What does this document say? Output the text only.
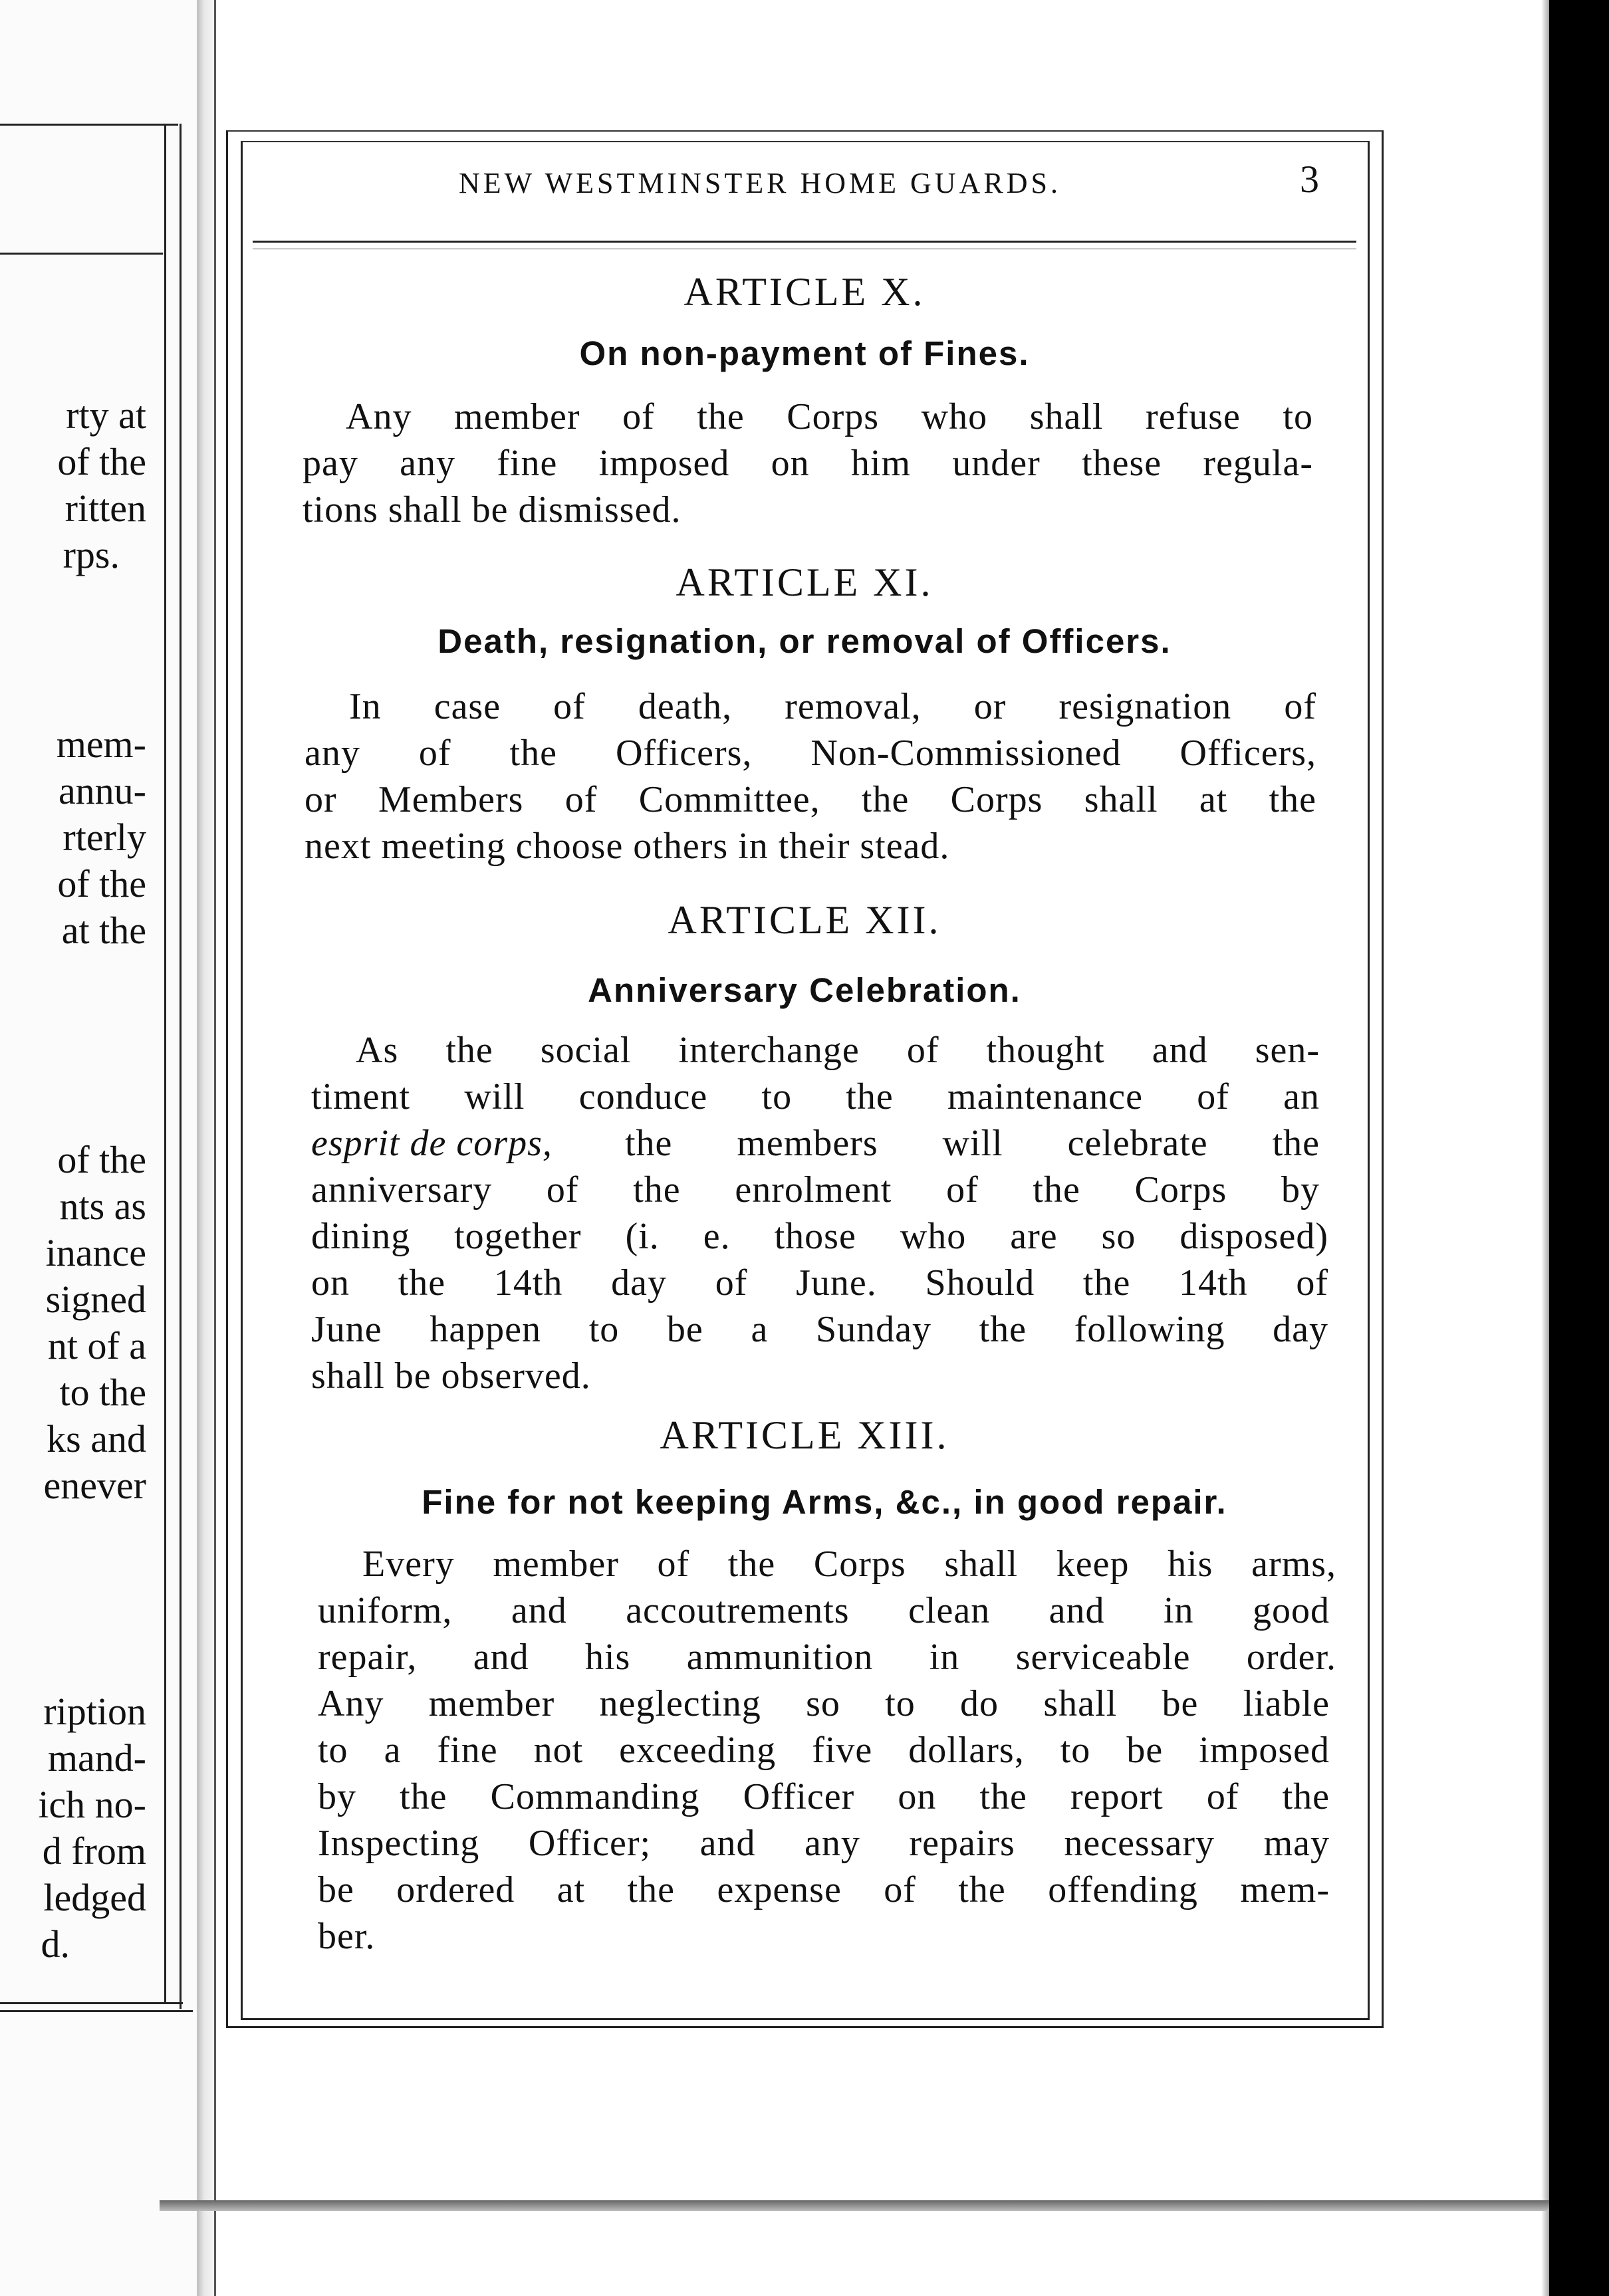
rty at
of the
ritten
rps.
mem-
annu-
rterly
of the
at the
of the
nts as
inance
signed
nt of a
to the
ks and
enever
ription
mand-
ich no-
d from
ledged
d.
NEW WESTMINSTER HOME GUARDS.	3
ARTICLE X.
On non-payment of Fines.
Any member of the Corps who shall refuse to
pay any fine imposed on him under these regula-
tions shall be dismissed.
ARTICLE XI.
Death, resignation, or removal of Officers.
In case of death, removal, or resignation of
any of the Officers, Non-Commissioned Officers,
or Members of Committee, the Corps shall at the
next meeting choose others in their stead.
ARTICLE XII.
Anniversary Celebration.
As the social interchange of thought and sen-
timent will conduce to the maintenance of an
esprit de corps, the members will celebrate the
anniversary of the enrolment of the Corps by
dining together (i. e. those who are so disposed)
on the 14th day of June. Should the 14th of
June happen to be a Sunday the following day
shall be observed.
ARTICLE XIII.
Fine for not keeping Arms, &c., in good repair.
Every member of the Corps shall keep his arms,
uniform, and accoutrements clean and in good
repair, and his ammunition in serviceable order.
Any member neglecting so to do shall be liable
to a fine not exceeding five dollars, to be imposed
by the Commanding Officer on the report of the
Inspecting Officer; and any repairs necessary may
be ordered at the expense of the offending mem-
ber.
